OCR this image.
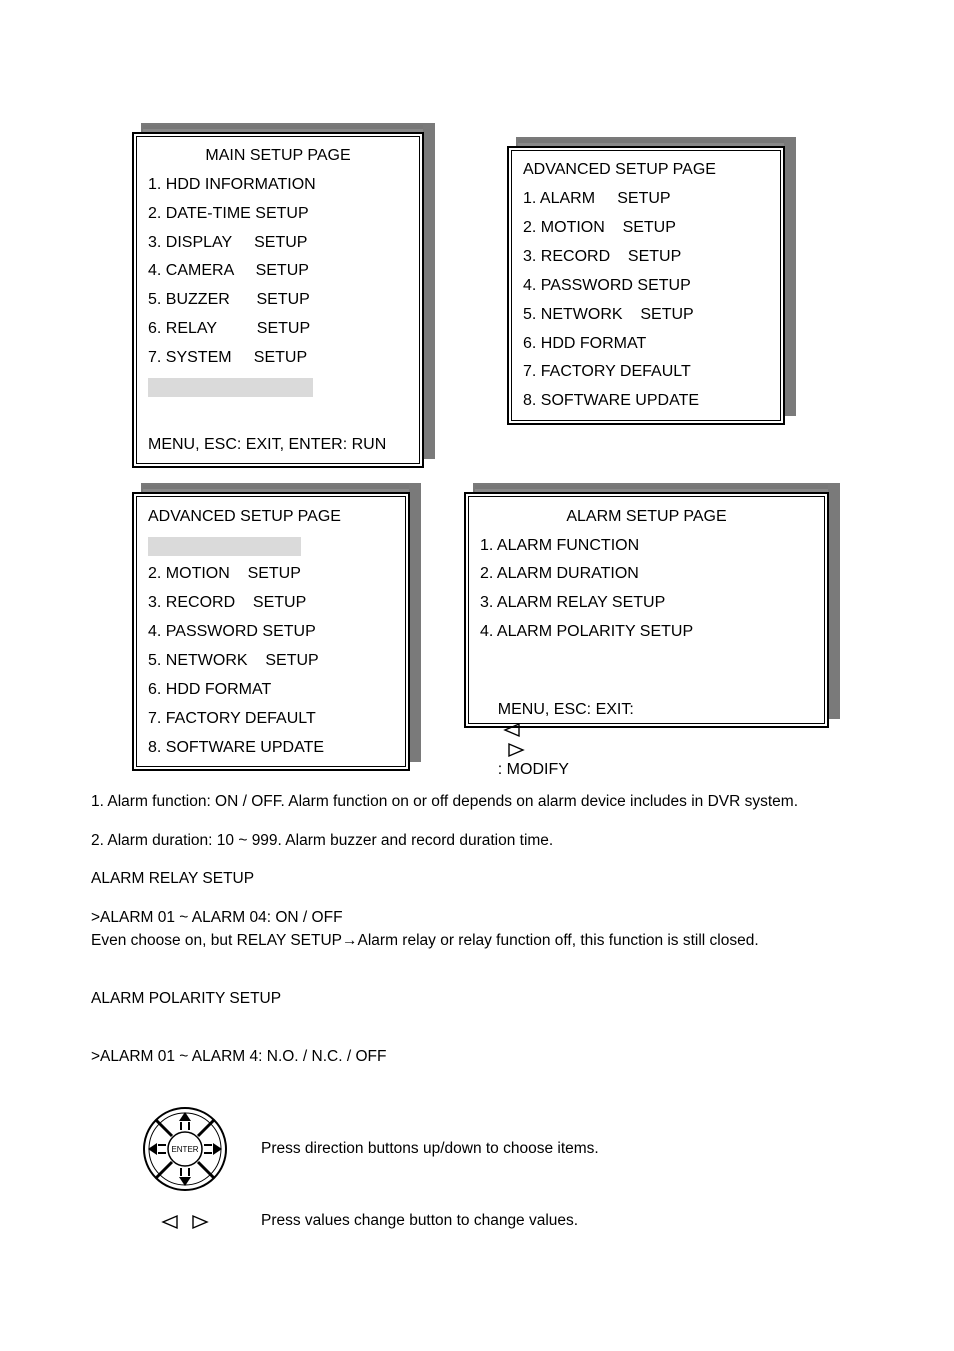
MAIN SETUP PAGE
1. HDD INFORMATION
2. DATE-TIME SETUP
3. DISPLAY     SETUP
4. CAMERA     SETUP
5. BUZZER      SETUP
6. RELAY         SETUP
7. SYSTEM     SETUP
MENU, ESC: EXIT, ENTER: RUN
ADVANCED SETUP PAGE
1. ALARM     SETUP
2. MOTION    SETUP
3. RECORD    SETUP
4. PASSWORD SETUP
5. NETWORK    SETUP
6. HDD FORMAT
7. FACTORY DEFAULT
8. SOFTWARE UPDATE
ADVANCED SETUP PAGE
2. MOTION    SETUP
3. RECORD    SETUP
4. PASSWORD SETUP
5. NETWORK    SETUP
6. HDD FORMAT
7. FACTORY DEFAULT
8. SOFTWARE UPDATE
ALARM SETUP PAGE
1. ALARM FUNCTION
2. ALARM DURATION
3. ALARM RELAY SETUP
4. ALARM POLARITY SETUP

MENU, ESC: EXIT:

: MODIFY

1. Alarm function: ON / OFF. Alarm function on or off depends on alarm device includes in DVR system.
2. Alarm duration: 10 ~ 999. Alarm buzzer and record duration time.
ALARM RELAY SETUP
>ALARM 01 ~ ALARM 04: ON / OFF
Even choose on, but RELAY SETUP→Alarm relay or relay function off, this function is still closed.
ALARM POLARITY SETUP
>ALARM 01 ~ ALARM 4: N.O. / N.C. / OFF
ENTER	Press direction buttons up/down to choose items.
Press values change button to change values.
